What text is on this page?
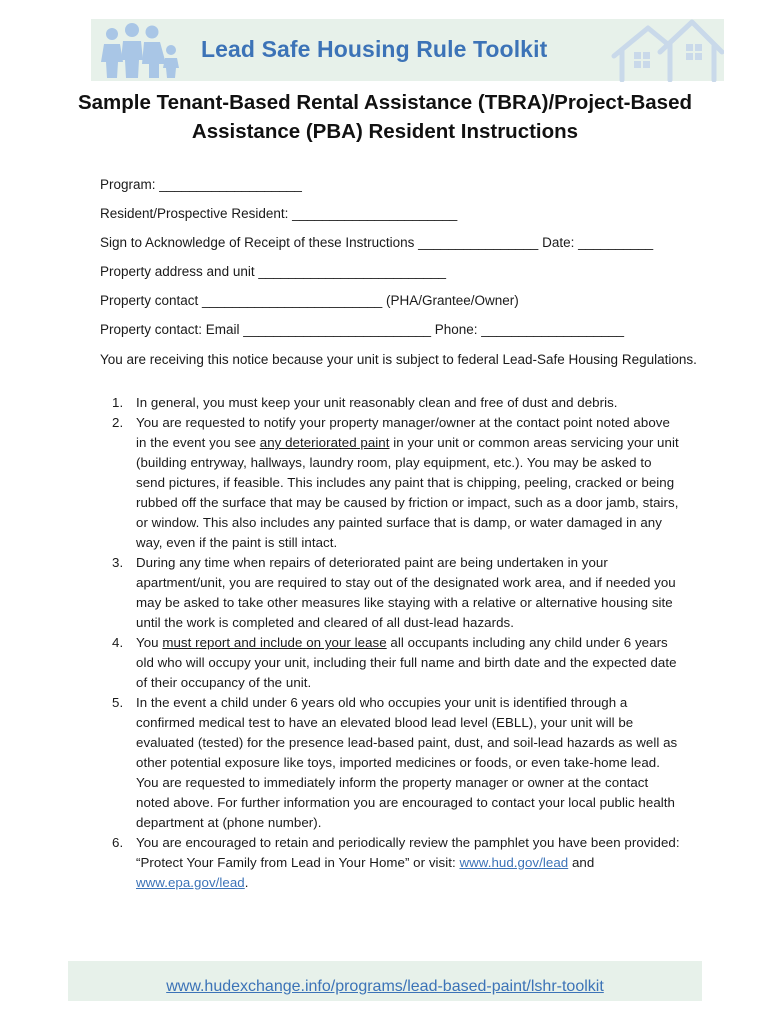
Lead Safe Housing Rule Toolkit
Sample Tenant-Based Rental Assistance (TBRA)/Project-Based Assistance (PBA) Resident Instructions
Program: ___________________
Resident/Prospective Resident: ______________________
Sign to Acknowledge of Receipt of these Instructions ________________ Date: __________
Property address and unit _________________________
Property contact ________________________ (PHA/Grantee/Owner)
Property contact: Email _________________________ Phone: ___________________
You are receiving this notice because your unit is subject to federal Lead-Safe Housing Regulations.
1. In general, you must keep your unit reasonably clean and free of dust and debris.
2. You are requested to notify your property manager/owner at the contact point noted above in the event you see any deteriorated paint in your unit or common areas servicing your unit
(building entryway, hallways, laundry room, play equipment, etc.). You may be asked to send pictures, if feasible. This includes any paint that is chipping, peeling, cracked or being rubbed off the surface that may be caused by friction or impact, such as a door jamb, stairs, or window. This also includes any painted surface that is damp, or water damaged in any way, even if the paint is still intact.
3. During any time when repairs of deteriorated paint are being undertaken in your apartment/unit, you are required to stay out of the designated work area, and if needed you may be asked to take other measures like staying with a relative or alternative housing site until the work is completed and cleared of all dust-lead hazards.
4. You must report and include on your lease all occupants including any child under 6 years old who will occupy your unit, including their full name and birth date and the expected date of their occupancy of the unit.
5. In the event a child under 6 years old who occupies your unit is identified through a confirmed medical test to have an elevated blood lead level (EBLL), your unit will be evaluated (tested) for the presence lead-based paint, dust, and soil-lead hazards as well as other potential exposure like toys, imported medicines or foods, or even take-home lead. You are requested to immediately inform the property manager or owner at the contact noted above. For further information you are encouraged to contact your local public health department at (phone number).
6. You are encouraged to retain and periodically review the pamphlet you have been provided: “Protect Your Family from Lead in Your Home” or visit: www.hud.gov/lead and
www.epa.gov/lead.
www.hudexchange.info/programs/lead-based-paint/lshr-toolkit
